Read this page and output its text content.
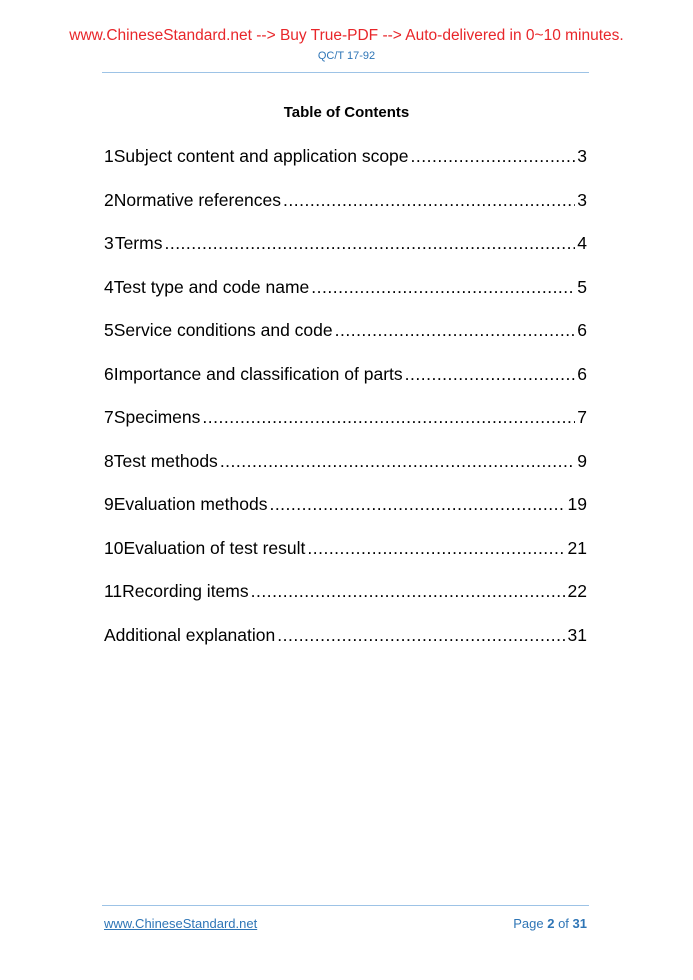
www.ChineseStandard.net --> Buy True-PDF --> Auto-delivered in 0~10 minutes.
QC/T 17-92
Table of Contents
1 Subject content and application scope .....	3
2 Normative references .....	3
3 Terms .....	4
4 Test type and code name .....	5
5 Service conditions and code .....	6
6 Importance and classification of parts .....	6
7 Specimens .....	7
8 Test methods .....	9
9 Evaluation methods .....	19
10 Evaluation of test result .....	21
11 Recording items .....	22
Additional explanation .....	31
www.ChineseStandard.net	Page 2 of 31
